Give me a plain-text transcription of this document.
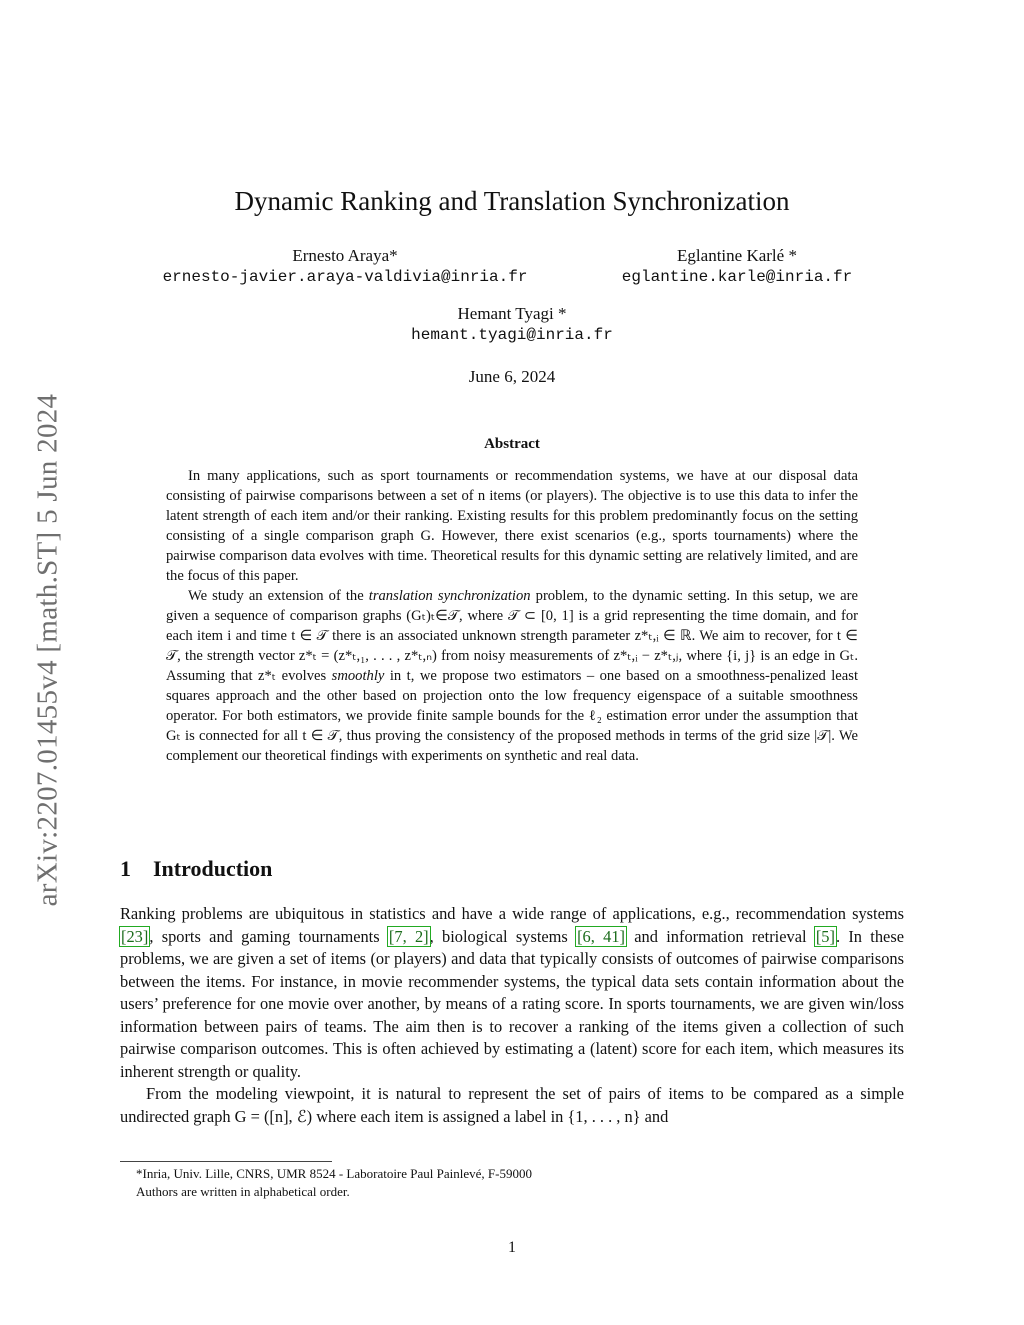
arXiv:2207.01455v4 [math.ST] 5 Jun 2024
Dynamic Ranking and Translation Synchronization
Ernesto Araya*
ernesto-javier.araya-valdivia@inria.fr
Eglantine Karlé *
eglantine.karle@inria.fr
Hemant Tyagi *
hemant.tyagi@inria.fr
June 6, 2024
Abstract

In many applications, such as sport tournaments or recommendation systems, we have at our disposal data consisting of pairwise comparisons between a set of n items (or players). The objective is to use this data to infer the latent strength of each item and/or their ranking. Existing results for this problem predominantly focus on the setting consisting of a single comparison graph G. However, there exist scenarios (e.g., sports tournaments) where the pairwise comparison data evolves with time. Theoretical results for this dynamic setting are relatively limited, and are the focus of this paper.

We study an extension of the translation synchronization problem, to the dynamic setting. In this setup, we are given a sequence of comparison graphs (Gₜ)ₜ∈𝒯, where 𝒯 ⊂ [0, 1] is a grid representing the time domain, and for each item i and time t ∈ 𝒯 there is an associated unknown strength parameter z*ₜ,ᵢ ∈ ℝ. We aim to recover, for t ∈ 𝒯, the strength vector z*ₜ = (z*ₜ,₁, . . . , z*ₜ,ₙ) from noisy measurements of z*ₜ,ᵢ − z*ₜ,ⱼ, where {i, j} is an edge in Gₜ. Assuming that z*ₜ evolves smoothly in t, we propose two estimators – one based on a smoothness-penalized least squares approach and the other based on projection onto the low frequency eigenspace of a suitable smoothness operator. For both estimators, we provide finite sample bounds for the ℓ₂ estimation error under the assumption that Gₜ is connected for all t ∈ 𝒯, thus proving the consistency of the proposed methods in terms of the grid size |𝒯|. We complement our theoretical findings with experiments on synthetic and real data.

1 Introduction

Ranking problems are ubiquitous in statistics and have a wide range of applications, e.g., recommendation systems [23], sports and gaming tournaments [7, 2], biological systems [6, 41] and information retrieval [5]. In these problems, we are given a set of items (or players) and data that typically consists of outcomes of pairwise comparisons between the items. For instance, in movie recommender systems, the typical data sets contain information about the users’ preference for one movie over another, by means of a rating score. In sports tournaments, we are given win/loss information between pairs of teams. The aim then is to recover a ranking of the items given a collection of such pairwise comparison outcomes. This is often achieved by estimating a (latent) score for each item, which measures its inherent strength or quality.

From the modeling viewpoint, it is natural to represent the set of pairs of items to be compared as a simple undirected graph G = ([n], ℰ) where each item is assigned a label in {1, . . . , n} and

*Inria, Univ. Lille, CNRS, UMR 8524 - Laboratoire Paul Painlevé, F-59000
Authors are written in alphabetical order.
1
